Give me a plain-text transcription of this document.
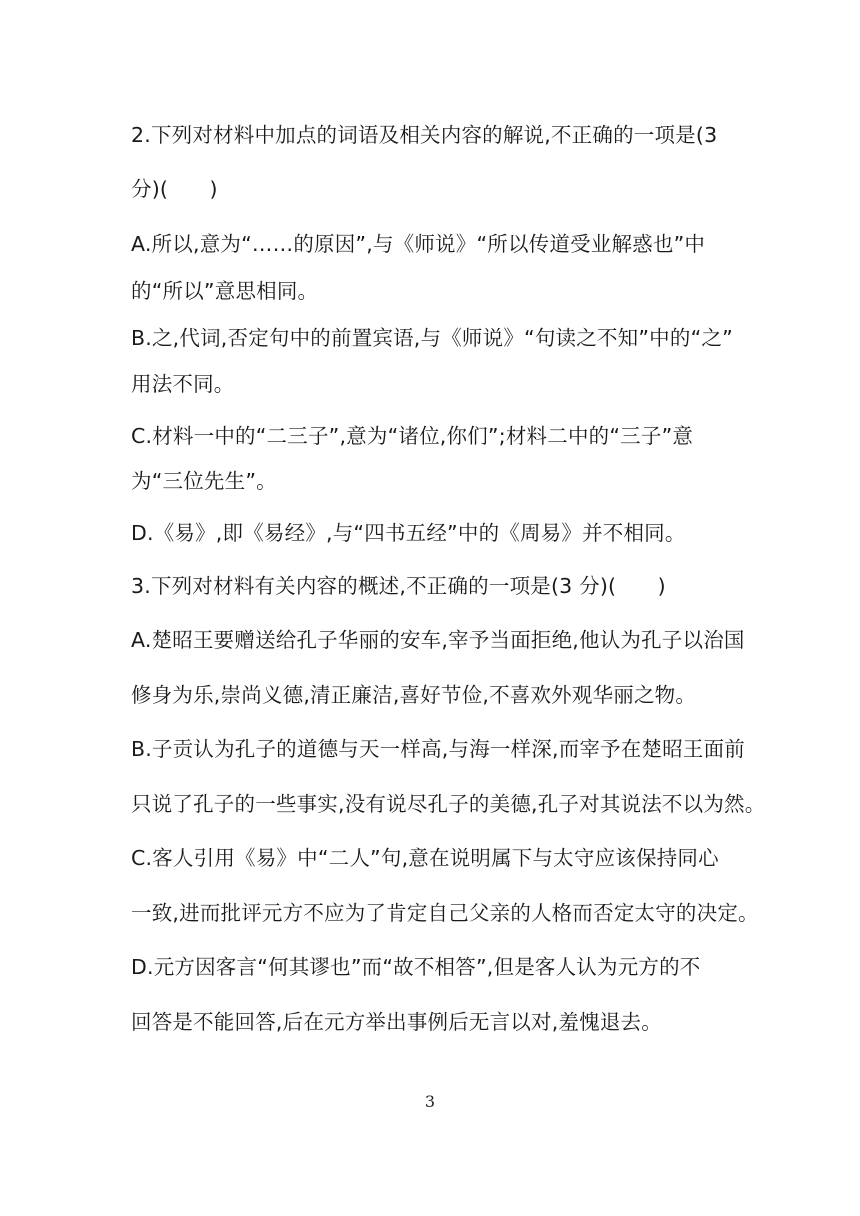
2.下列对材料中加点的词语及相关内容的解说,不正确的一项是(3
分)(　　)
A.所以,意为“……的原因”,与《师说》“所以传道受业解惑也”中
的“所以”意思相同。
B.之,代词,否定句中的前置宾语,与《师说》“句读之不知”中的“之”
用法不同。
C.材料一中的“二三子”,意为“诸位,你们”;材料二中的“三子”意
为“三位先生”。
D.《易》,即《易经》,与“四书五经”中的《周易》并不相同。
3.下列对材料有关内容的概述,不正确的一项是(3 分)(　　)
A.楚昭王要赠送给孔子华丽的安车,宰予当面拒绝,他认为孔子以治国
修身为乐,崇尚义德,清正廉洁,喜好节俭,不喜欢外观华丽之物。
B.子贡认为孔子的道德与天一样高,与海一样深,而宰予在楚昭王面前
只说了孔子的一些事实,没有说尽孔子的美德,孔子对其说法不以为然。
C.客人引用《易》中“二人”句,意在说明属下与太守应该保持同心
一致,进而批评元方不应为了肯定自己父亲的人格而否定太守的决定。
D.元方因客言“何其谬也”而“故不相答”,但是客人认为元方的不
回答是不能回答,后在元方举出事例后无言以对,羞愧退去。
3
